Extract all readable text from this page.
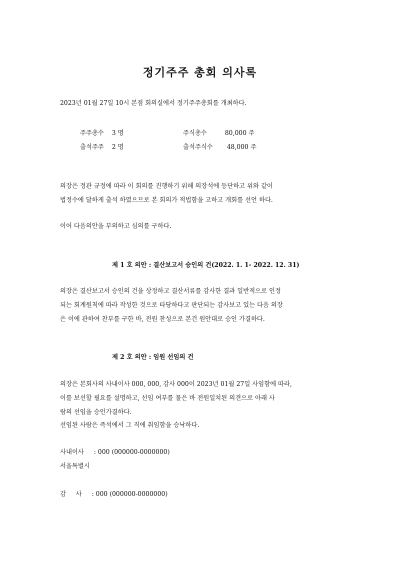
정기주주 총회 의사록
2023년 01월 27일 10시 본점 회의실에서 정기주주총회를 개최하다.
주주총수 3 명	주식총수	80,000 주
출석주주 2 명	출석주식수 48,000 주
의장은 정관 규정에 따라 이 회의를 진행하기 위해 의장석에 등단하고 위와 같이
법정수에 달하게 출석 하였으므로 본 회의가 적법함을 고하고 개회를 선언 하다.
이어 다음의안을 부의하고 심의를 구하다.
제 1 호 의안 : 결산보고서 승인의 건(2022. 1. 1- 2022. 12. 31)
의장은 결산보고서 승인의 건을 상정하고 결산서류를 감사한 결과 일반적으로 인정
되는 회계원칙에 따라 작성한 것으로 타당하다고 판단되는 감사보고 있는 다음 의장
은 이에 관하여 찬부를 구한 바, 전원 찬성으로 본건 원안대로 승인 가결하다.
제 2 호 의안 : 임원 선임의 건
의장은 본회사의 사내이사 000, 000, 감사 000이 2023년 01월 27일 사임함에 따라,
이를 보선할 필요를 설명하고, 선임 여부를 물은 바 전원일치된 의견으로 아래 사
람의 선임을 승인가결하다.
선임된 사람은 즉석에서 그 직에 취임함을 승낙하다.
사내이사 : 000 (000000-0000000)
서울특별시
감     사 : 000 (000000-0000000)
